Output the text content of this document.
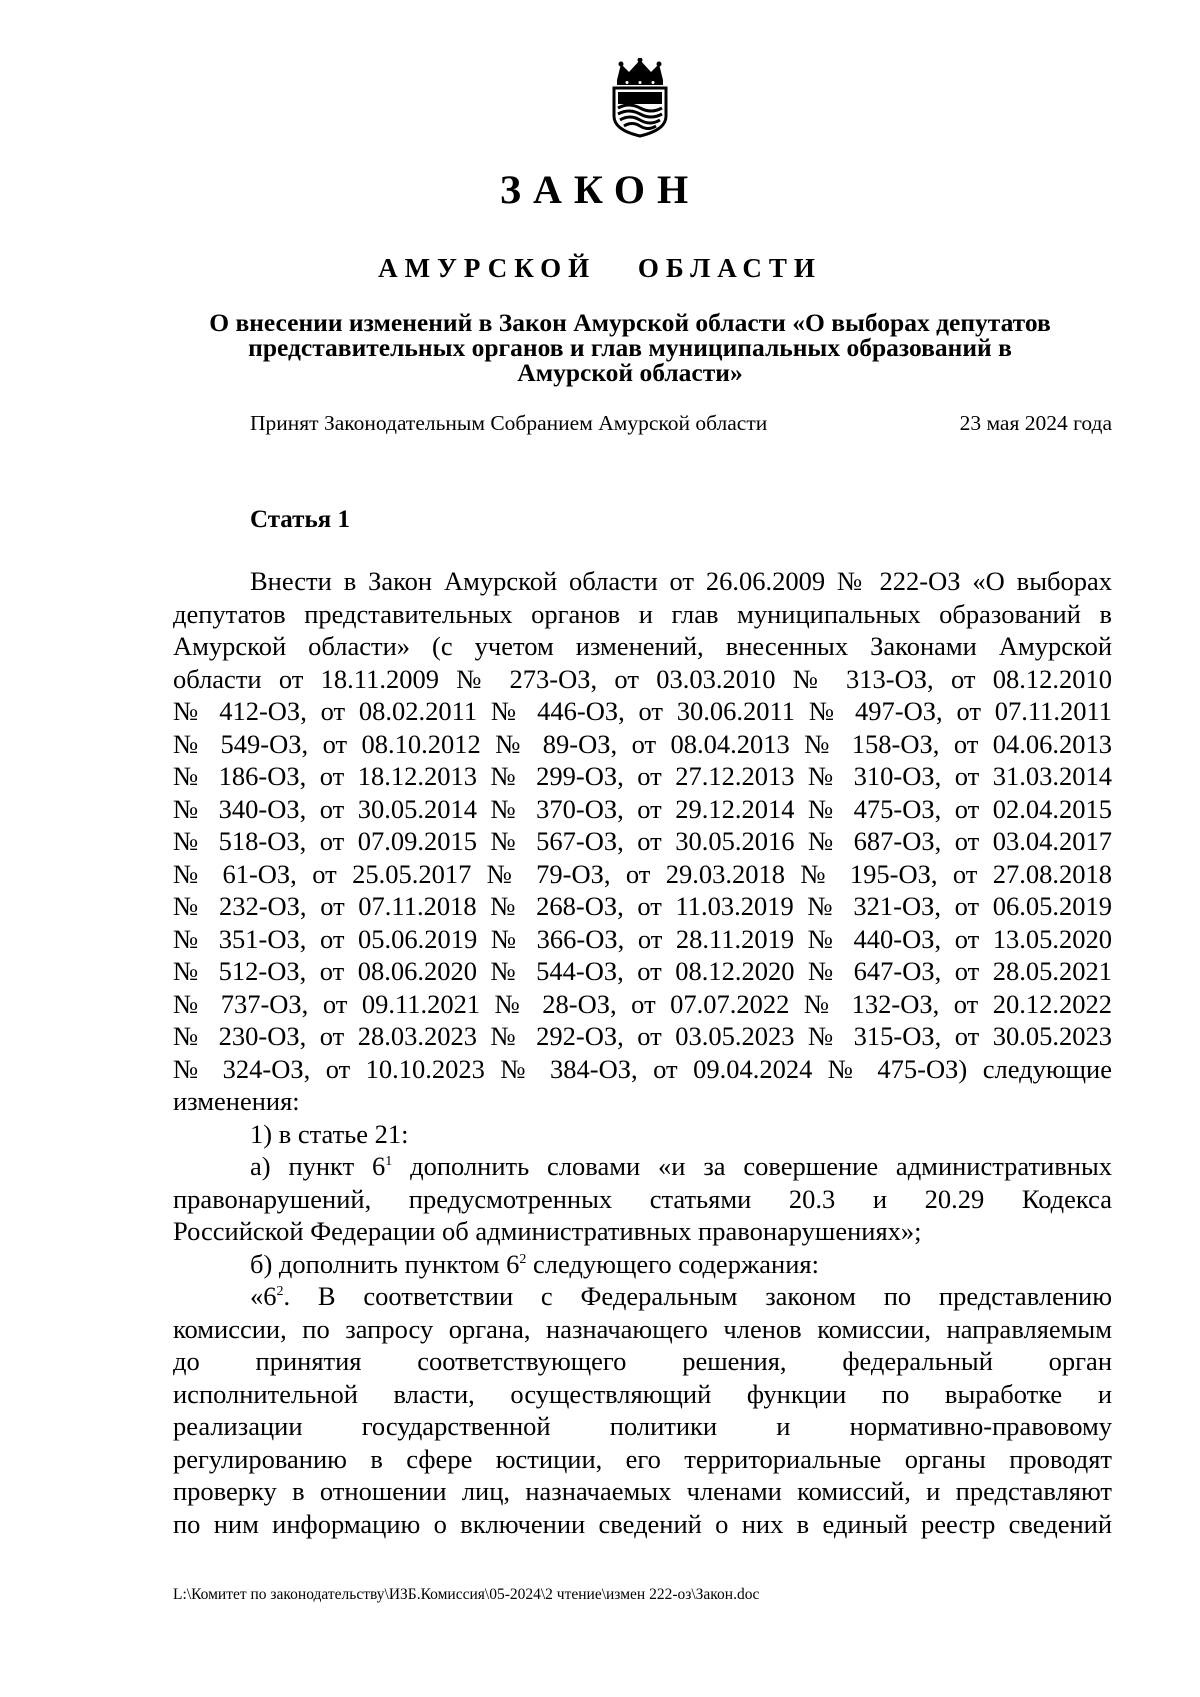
ЗАКОН
АМУРСКОЙ ОБЛАСТИ
О внесении изменений в Закон Амурской области «О выборах депутатов
представительных органов и глав муниципальных образований в
Амурской области»
Принят Законодательным Собранием Амурской области	23 мая 2024 года
Статья 1
Внести в Закон Амурской области от 26.06.2009 № 222-ОЗ «О выборах
депутатов представительных органов и глав муниципальных образований в
Амурской области» (с учетом изменений, внесенных Законами Амурской
области от 18.11.2009 № 273-ОЗ, от 03.03.2010 № 313-ОЗ, от 08.12.2010
№ 412-ОЗ, от 08.02.2011 № 446-ОЗ, от 30.06.2011 № 497-ОЗ, от 07.11.2011
№ 549-ОЗ, от 08.10.2012 № 89-ОЗ, от 08.04.2013 № 158-ОЗ, от 04.06.2013
№ 186-ОЗ, от 18.12.2013 № 299-ОЗ, от 27.12.2013 № 310-ОЗ, от 31.03.2014
№ 340-ОЗ, от 30.05.2014 № 370-ОЗ, от 29.12.2014 № 475-ОЗ, от 02.04.2015
№ 518-ОЗ, от 07.09.2015 № 567-ОЗ, от 30.05.2016 № 687-ОЗ, от 03.04.2017
№ 61-ОЗ, от 25.05.2017 № 79-ОЗ, от 29.03.2018 № 195-ОЗ, от 27.08.2018
№ 232-ОЗ, от 07.11.2018 № 268-ОЗ, от 11.03.2019 № 321-ОЗ, от 06.05.2019
№ 351-ОЗ, от 05.06.2019 № 366-ОЗ, от 28.11.2019 № 440-ОЗ, от 13.05.2020
№ 512-ОЗ, от 08.06.2020 № 544-ОЗ, от 08.12.2020 № 647-ОЗ, от 28.05.2021
№ 737-ОЗ, от 09.11.2021 № 28-ОЗ, от 07.07.2022 № 132-ОЗ, от 20.12.2022
№ 230-ОЗ, от 28.03.2023 № 292-ОЗ, от 03.05.2023 № 315-ОЗ, от 30.05.2023
№ 324-ОЗ, от 10.10.2023 № 384-ОЗ, от 09.04.2024 № 475-ОЗ) следующие
изменения:
1) в статье 21:
а) пункт $6^1$ дополнить словами «и за совершение административных
правонарушений, предусмотренных статьями 20.3 и 20.29 Кодекса
Российской Федерации об административных правонарушениях»;
б) дополнить пунктом $6^2$ следующего содержания:
«$6^2$. В соответствии с Федеральным законом по представлению
комиссии, по запросу органа, назначающего членов комиссии, направляемым
до принятия соответствующего решения, федеральный орган
исполнительной власти, осуществляющий функции по выработке и
реализации государственной политики и нормативно-правовому
регулированию в сфере юстиции, его территориальные органы проводят
проверку в отношении лиц, назначаемых членами комиссий, и представляют
по ним информацию о включении сведений о них в единый реестр сведений
L:\Комитет по законодательству\ИЗБ.Комиссия\05-2024\2 чтение\измен 222-оз\Закон.doc
